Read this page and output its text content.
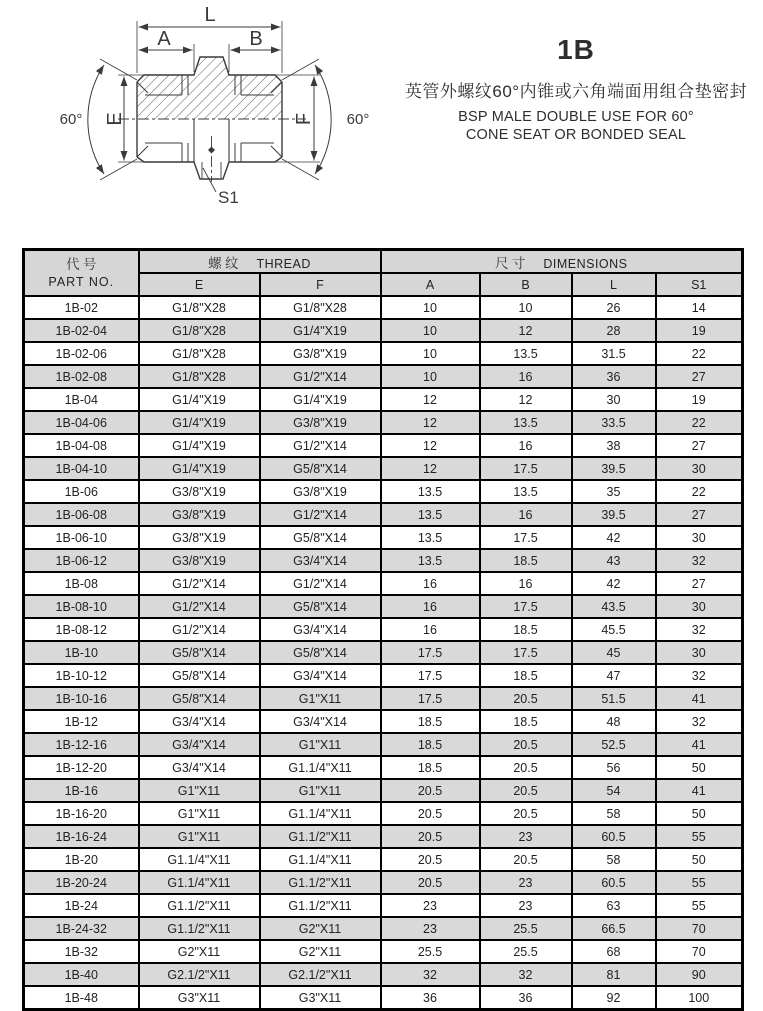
L
A	B
E	F
60°	60°
S1
1B
英管外螺纹60°内锥或六角端面用组合垫密封
BSP MALE DOUBLE USE FOR 60°
CONE SEAT OR BONDED SEAL
代 号
PART NO.	螺 纹 THREAD		尺 寸 DIMENSIONS			
	E	F	A	B	L	S1
1B-02	G1/8"X28	G1/8"X28	10	10	26	14
1B-02-04	G1/8"X28	G1/4"X19	10	12	28	19
1B-02-06	G1/8"X28	G3/8"X19	10	13.5	31.5	22
1B-02-08	G1/8"X28	G1/2"X14	10	16	36	27
1B-04	G1/4"X19	G1/4"X19	12	12	30	19
1B-04-06	G1/4"X19	G3/8"X19	12	13.5	33.5	22
1B-04-08	G1/4"X19	G1/2"X14	12	16	38	27
1B-04-10	G1/4"X19	G5/8"X14	12	17.5	39.5	30
1B-06	G3/8"X19	G3/8"X19	13.5	13.5	35	22
1B-06-08	G3/8"X19	G1/2"X14	13.5	16	39.5	27
1B-06-10	G3/8"X19	G5/8"X14	13.5	17.5	42	30
1B-06-12	G3/8"X19	G3/4"X14	13.5	18.5	43	32
1B-08	G1/2"X14	G1/2"X14	16	16	42	27
1B-08-10	G1/2"X14	G5/8"X14	16	17.5	43.5	30
1B-08-12	G1/2"X14	G3/4"X14	16	18.5	45.5	32
1B-10	G5/8"X14	G5/8"X14	17.5	17.5	45	30
1B-10-12	G5/8"X14	G3/4"X14	17.5	18.5	47	32
1B-10-16	G5/8"X14	G1"X11	17.5	20.5	51.5	41
1B-12	G3/4"X14	G3/4"X14	18.5	18.5	48	32
1B-12-16	G3/4"X14	G1"X11	18.5	20.5	52.5	41
1B-12-20	G3/4"X14	G1.1/4"X11	18.5	20.5	56	50
1B-16	G1"X11	G1"X11	20.5	20.5	54	41
1B-16-20	G1"X11	G1.1/4"X11	20.5	20.5	58	50
1B-16-24	G1"X11	G1.1/2"X11	20.5	23	60.5	55
1B-20	G1.1/4"X11	G1.1/4"X11	20.5	20.5	58	50
1B-20-24	G1.1/4"X11	G1.1/2"X11	20.5	23	60.5	55
1B-24	G1.1/2"X11	G1.1/2"X11	23	23	63	55
1B-24-32	G1.1/2"X11	G2"X11	23	25.5	66.5	70
1B-32	G2"X11	G2"X11	25.5	25.5	68	70
1B-40	G2.1/2"X11	G2.1/2"X11	32	32	81	90
1B-48	G3"X11	G3"X11	36	36	92	100
